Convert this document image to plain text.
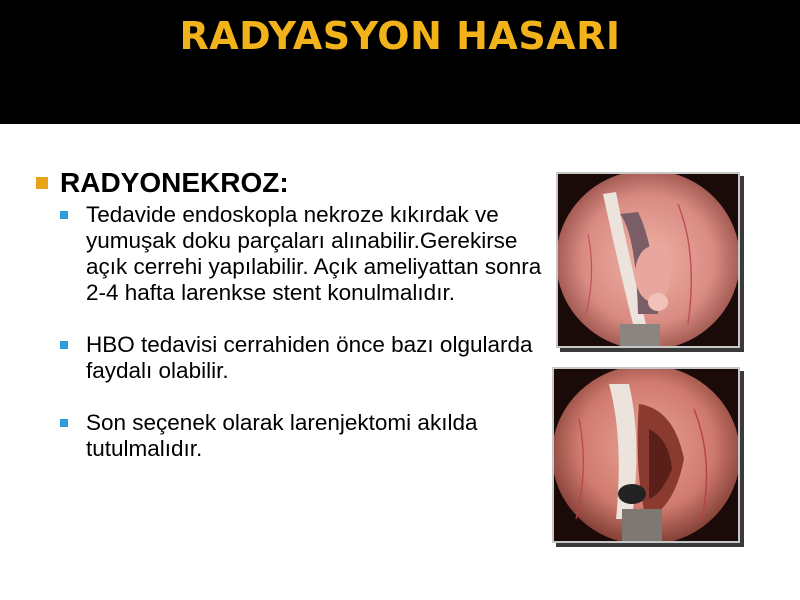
RADYASYON HASARI
RADYONEKROZ:
Tedavide endoskopla nekroze kıkırdak ve yumuşak doku parçaları alınabilir.Gerekirse açık cerrehi yapılabilir. Açık ameliyattan sonra 2-4 hafta larenkse stent konulmalıdır.
HBO tedavisi cerrahiden önce bazı olgularda faydalı olabilir.
Son seçenek olarak larenjektomi akılda tutulmalıdır.
